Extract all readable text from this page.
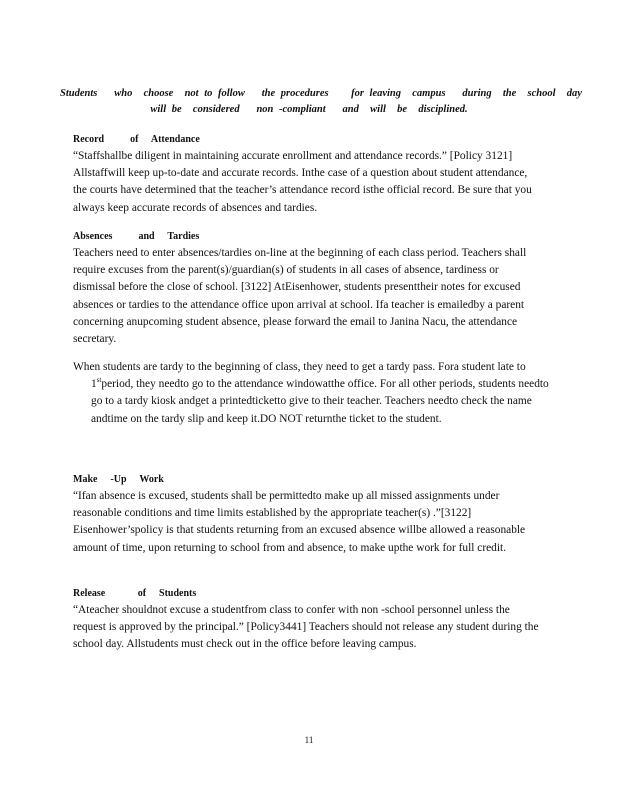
Students   who  choose  not to follow   the procedures    for leaving  campus   during  the  school  day
will be  considered   non -compliant   and  will  be  disciplined.
Record    of  Attendance
“Staffshallbe diligent in maintaining accurate enrollment and attendance records.” [Policy 3121] Allstaffwill keep up-to-date and accurate records. Inthe case of a question about student attendance, the courts have determined that the teacher’s attendance record isthe official record. Be sure that you always keep accurate records of absences and tardies.
Absences    and  Tardies
Teachers need to enter absences/tardies on-line at the beginning of each class period. Teachers shall require excuses from the parent(s)/guardian(s) of students in all cases of absence, tardiness or dismissal before the close of school. [3122] AtEisenhower, students presenttheir notes for excused absences or tardies to the attendance office upon arrival at school. Ifa teacher is emailedby a parent concerning anupcoming student absence, please forward the email to Janina Nacu, the attendance secretary.
When students are tardy to the beginning of class, they need to get a tardy pass. Fora student late to 1stperiod, they needto go to the attendance windowatthe office. For all other periods, students needto go to a tardy kiosk andget a printedticketto give to their teacher. Teachers needto check the name andtime on the tardy slip and keep it.DO NOT returnthe ticket to the student.
Make  -Up  Work
“Ifan absence is excused, students shall be permittedto make up all missed assignments under reasonable conditions and time limits established by the appropriate teacher(s) .”[3122] Eisenhower’spolicy is that students returning from an excused absence willbe allowed a reasonable amount of time, upon returning to school from and absence, to make upthe work for full credit.
Release     of  Students
“Ateacher shouldnot excuse a studentfrom class to confer with non -school personnel unless the request is approved by the principal.” [Policy3441] Teachers should not release any student during the school day. Allstudents must check out in the office before leaving campus.
11
